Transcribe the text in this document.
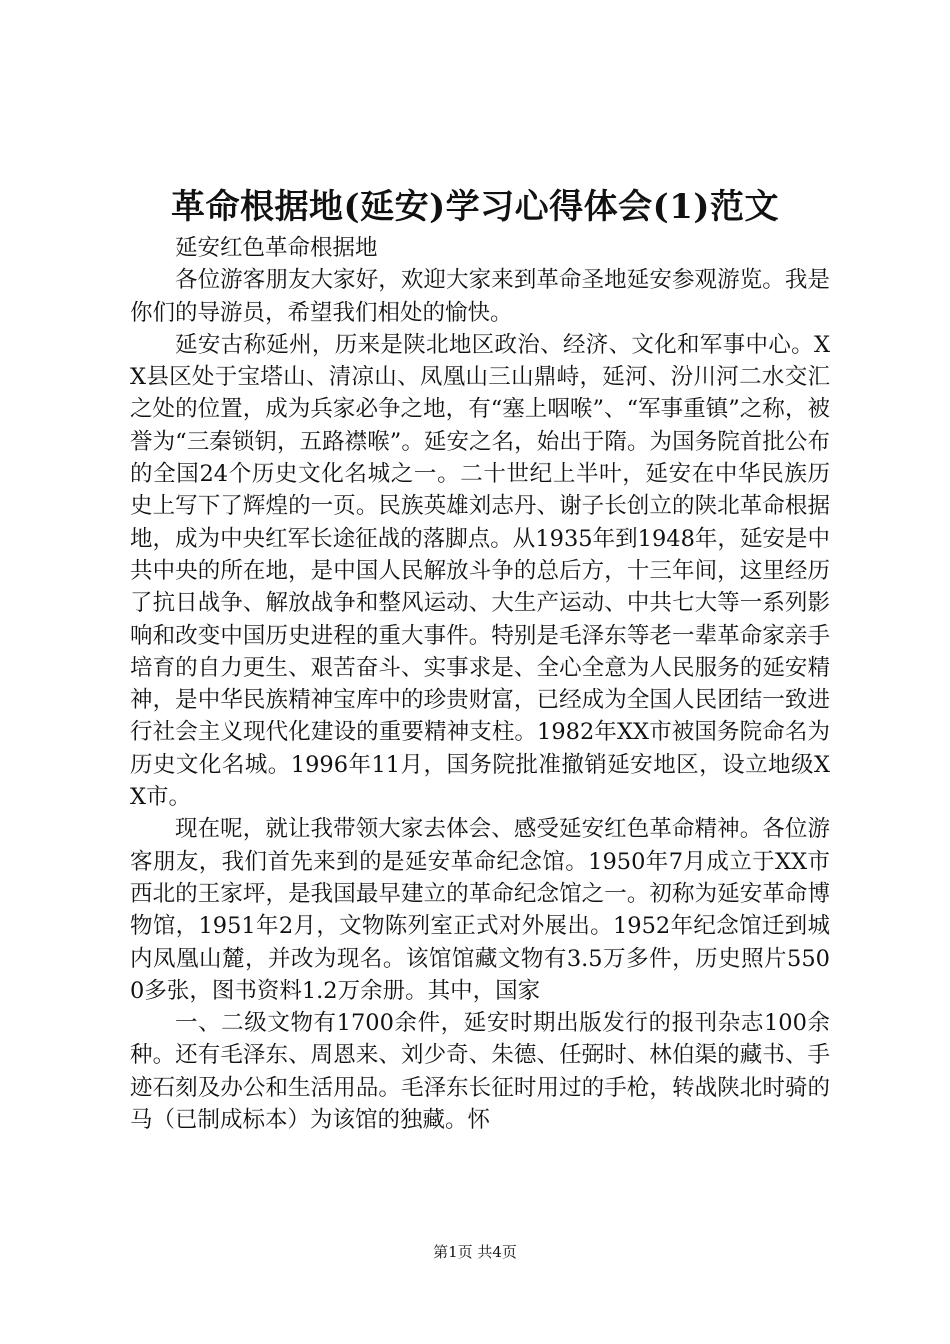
革命根据地(延安)学习心得体会(1)范文

延安红色革命根据地

各位游客朋友大家好，欢迎大家来到革命圣地延安参观游览。我是你们的导游员，希望我们相处的愉快。

延安古称延州，历来是陕北地区政治、经济、文化和军事中心。XX县区处于宝塔山、清凉山、凤凰山三山鼎峙，延河、汾川河二水交汇之处的位置，成为兵家必争之地，有“塞上咽喉”、“军事重镇”之称，被誉为“三秦锁钥，五路襟喉”。延安之名，始出于隋。为国务院首批公布的全国24个历史文化名城之一。二十世纪上半叶，延安在中华民族历史上写下了辉煌的一页。民族英雄刘志丹、谢子长创立的陕北革命根据地，成为中央红军长途征战的落脚点。从1935年到1948年，延安是中共中央的所在地，是中国人民解放斗争的总后方，十三年间，这里经历了抗日战争、解放战争和整风运动、大生产运动、中共七大等一系列影响和改变中国历史进程的重大事件。特别是毛泽东等老一辈革命家亲手培育的自力更生、艰苦奋斗、实事求是、全心全意为人民服务的延安精神，是中华民族精神宝库中的珍贵财富，已经成为全国人民团结一致进行社会主义现代化建设的重要精神支柱。1982年XX市被国务院命名为历史文化名城。1996年11月，国务院批准撤销延安地区，设立地级XX市。

现在呢，就让我带领大家去体会、感受延安红色革命精神。各位游客朋友，我们首先来到的是延安革命纪念馆。1950年7月成立于XX市西北的王家坪，是我国最早建立的革命纪念馆之一。初称为延安革命博物馆，1951年2月，文物陈列室正式对外展出。1952年纪念馆迁到城内凤凰山麓，并改为现名。该馆馆藏文物有3.5万多件，历史照片5500多张，图书资料1.2万余册。其中，国家

一、二级文物有1700余件，延安时期出版发行的报刊杂志100余种。还有毛泽东、周恩来、刘少奇、朱德、任弼时、林伯渠的藏书、手迹石刻及办公和生活用品。毛泽东长征时用过的手枪，转战陕北时骑的马（已制成标本）为该馆的独藏。怀

第1页 共4页
